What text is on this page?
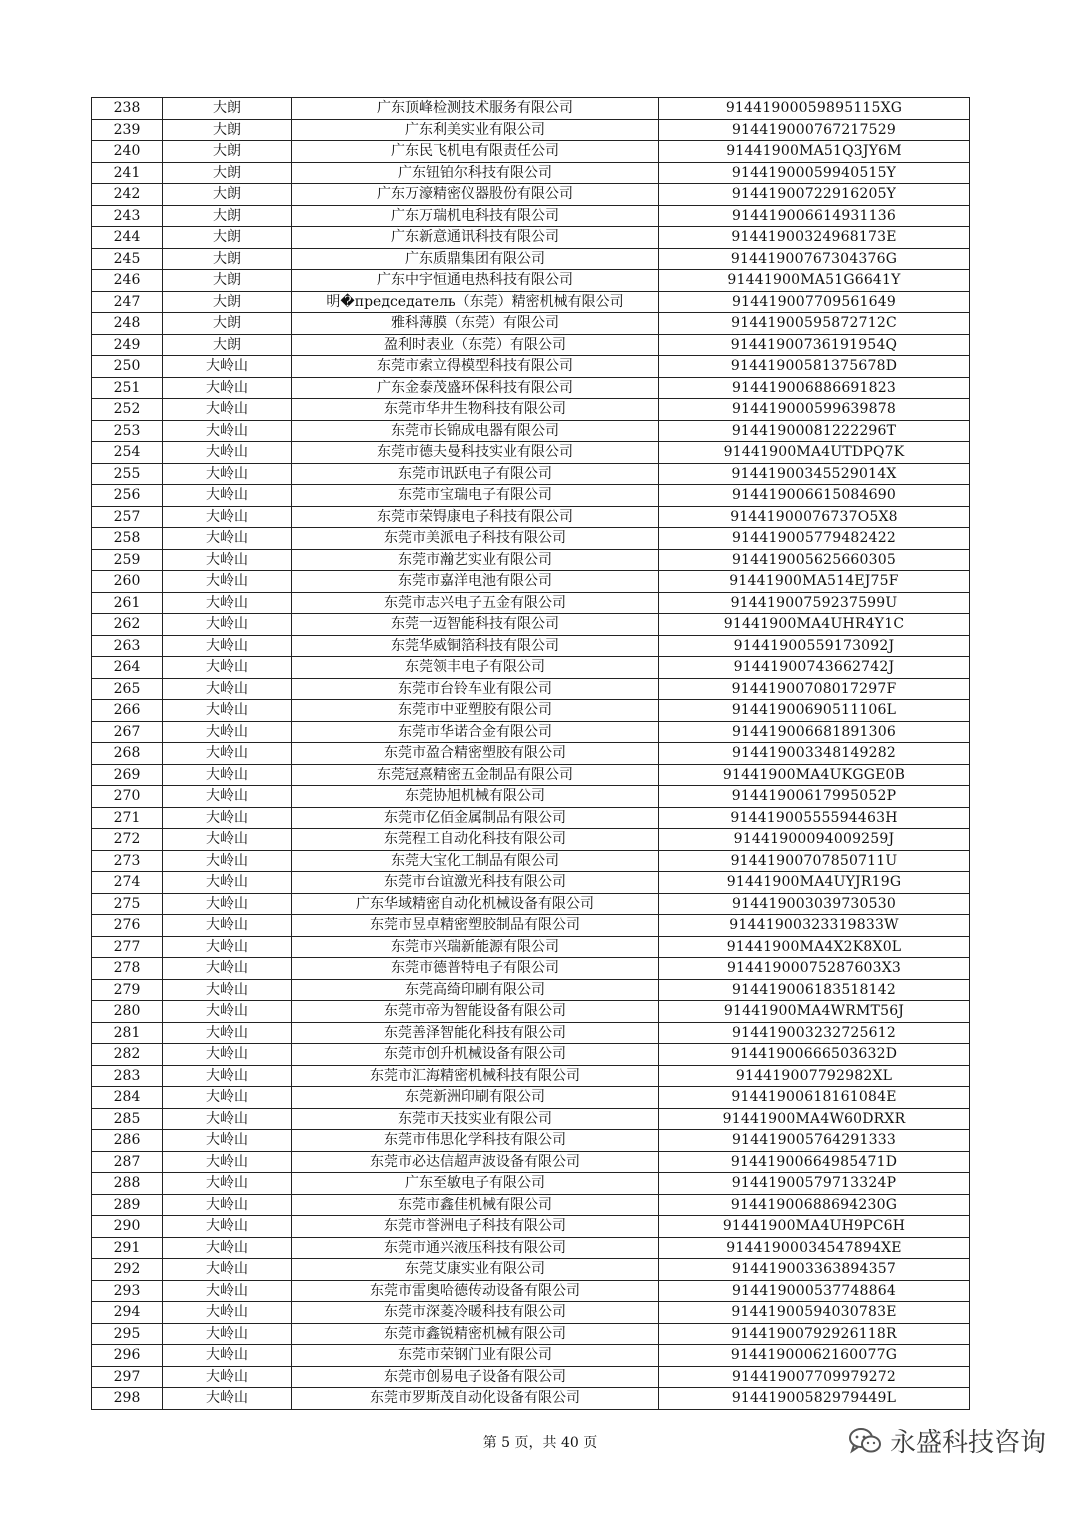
238	大朗	广东顶峰检测技术服务有限公司	91441900059895115XG
239	大朗	广东利美实业有限公司	914419000767217529
240	大朗	广东民飞机电有限责任公司	91441900MA51Q3JY6M
241	大朗	广东钮铂尔科技有限公司	91441900059940515Y
242	大朗	广东万濠精密仪器股份有限公司	91441900722916205Y
243	大朗	广东万瑞机电科技有限公司	914419006614931136
244	大朗	广东新意通讯科技有限公司	91441900324968173E
245	大朗	广东质鼎集团有限公司	91441900767304376G
246	大朗	广东中宇恒通电热科技有限公司	91441900MA51G6641Y
247	大朗	明�председатель（东莞）精密机械有限公司	914419007709561649
248	大朗	雅科薄膜（东莞）有限公司	91441900595872712C
249	大朗	盈利时表业（东莞）有限公司	91441900736191954Q
250	大岭山	东莞市索立得模型科技有限公司	91441900581375678D
251	大岭山	广东金泰茂盛环保科技有限公司	914419006886691823
252	大岭山	东莞市华井生物科技有限公司	914419000599639878
253	大岭山	东莞市长锦成电器有限公司	91441900081222296T
254	大岭山	东莞市德夫曼科技实业有限公司	91441900MA4UTDPQ7K
255	大岭山	东莞市讯跃电子有限公司	91441900345529014X
256	大岭山	东莞市宝瑞电子有限公司	914419006615084690
257	大岭山	东莞市荣锝康电子科技有限公司	91441900076737O5X8
258	大岭山	东莞市美派电子科技有限公司	914419005779482422
259	大岭山	东莞市瀚艺实业有限公司	914419005625660305
260	大岭山	东莞市嘉洋电池有限公司	91441900MA514EJ75F
261	大岭山	东莞市志兴电子五金有限公司	91441900759237599U
262	大岭山	东莞一迈智能科技有限公司	91441900MA4UHR4Y1C
263	大岭山	东莞华威铜箔科技有限公司	91441900559173092J
264	大岭山	东莞领丰电子有限公司	91441900743662742J
265	大岭山	东莞市台铃车业有限公司	91441900708017297F
266	大岭山	东莞市中亚塑胶有限公司	91441900690511106L
267	大岭山	东莞市华诺合金有限公司	914419006681891306
268	大岭山	东莞市盈合精密塑胶有限公司	914419003348149282
269	大岭山	东莞冠熹精密五金制品有限公司	91441900MA4UKGGE0B
270	大岭山	东莞协旭机械有限公司	91441900617995052P
271	大岭山	东莞市亿佰金属制品有限公司	91441900555594463H
272	大岭山	东莞程工自动化科技有限公司	91441900094009259J
273	大岭山	东莞大宝化工制品有限公司	91441900707850711U
274	大岭山	东莞市台谊激光科技有限公司	91441900MA4UYJR19G
275	大岭山	广东华域精密自动化机械设备有限公司	914419003039730530
276	大岭山	东莞市昱卓精密塑胶制品有限公司	91441900323319833W
277	大岭山	东莞市兴瑞新能源有限公司	91441900MA4X2K8X0L
278	大岭山	东莞市德普特电子有限公司	91441900075287603X3
279	大岭山	东莞高绮印刷有限公司	914419006183518142
280	大岭山	东莞市帝为智能设备有限公司	91441900MA4WRMT56J
281	大岭山	东莞善泽智能化科技有限公司	914419003232725612
282	大岭山	东莞市创升机械设备有限公司	91441900666503632D
283	大岭山	东莞市汇海精密机械科技有限公司	914419007792982XL
284	大岭山	东莞新洲印刷有限公司	91441900618161084E
285	大岭山	东莞市天技实业有限公司	91441900MA4W60DRXR
286	大岭山	东莞市伟思化学科技有限公司	914419005764291333
287	大岭山	东莞市必达信超声波设备有限公司	91441900664985471D
288	大岭山	广东至敏电子有限公司	91441900579713324P
289	大岭山	东莞市鑫佳机械有限公司	91441900688694230G
290	大岭山	东莞市誉洲电子科技有限公司	91441900MA4UH9PC6H
291	大岭山	东莞市通兴液压科技有限公司	91441900034547894XE
292	大岭山	东莞艾康实业有限公司	914419003363894357
293	大岭山	东莞市雷奥哈德传动设备有限公司	914419000537748864
294	大岭山	东莞市深菱冷暖科技有限公司	91441900594030783E
295	大岭山	东莞市鑫锐精密机械有限公司	91441900792926118R
296	大岭山	东莞市荣钢门业有限公司	91441900062160077G
297	大岭山	东莞市创易电子设备有限公司	914419007709979272
298	大岭山	东莞市罗斯茂自动化设备有限公司	91441900582979449L
第 5 页，共 40 页	永盛科技咨询
